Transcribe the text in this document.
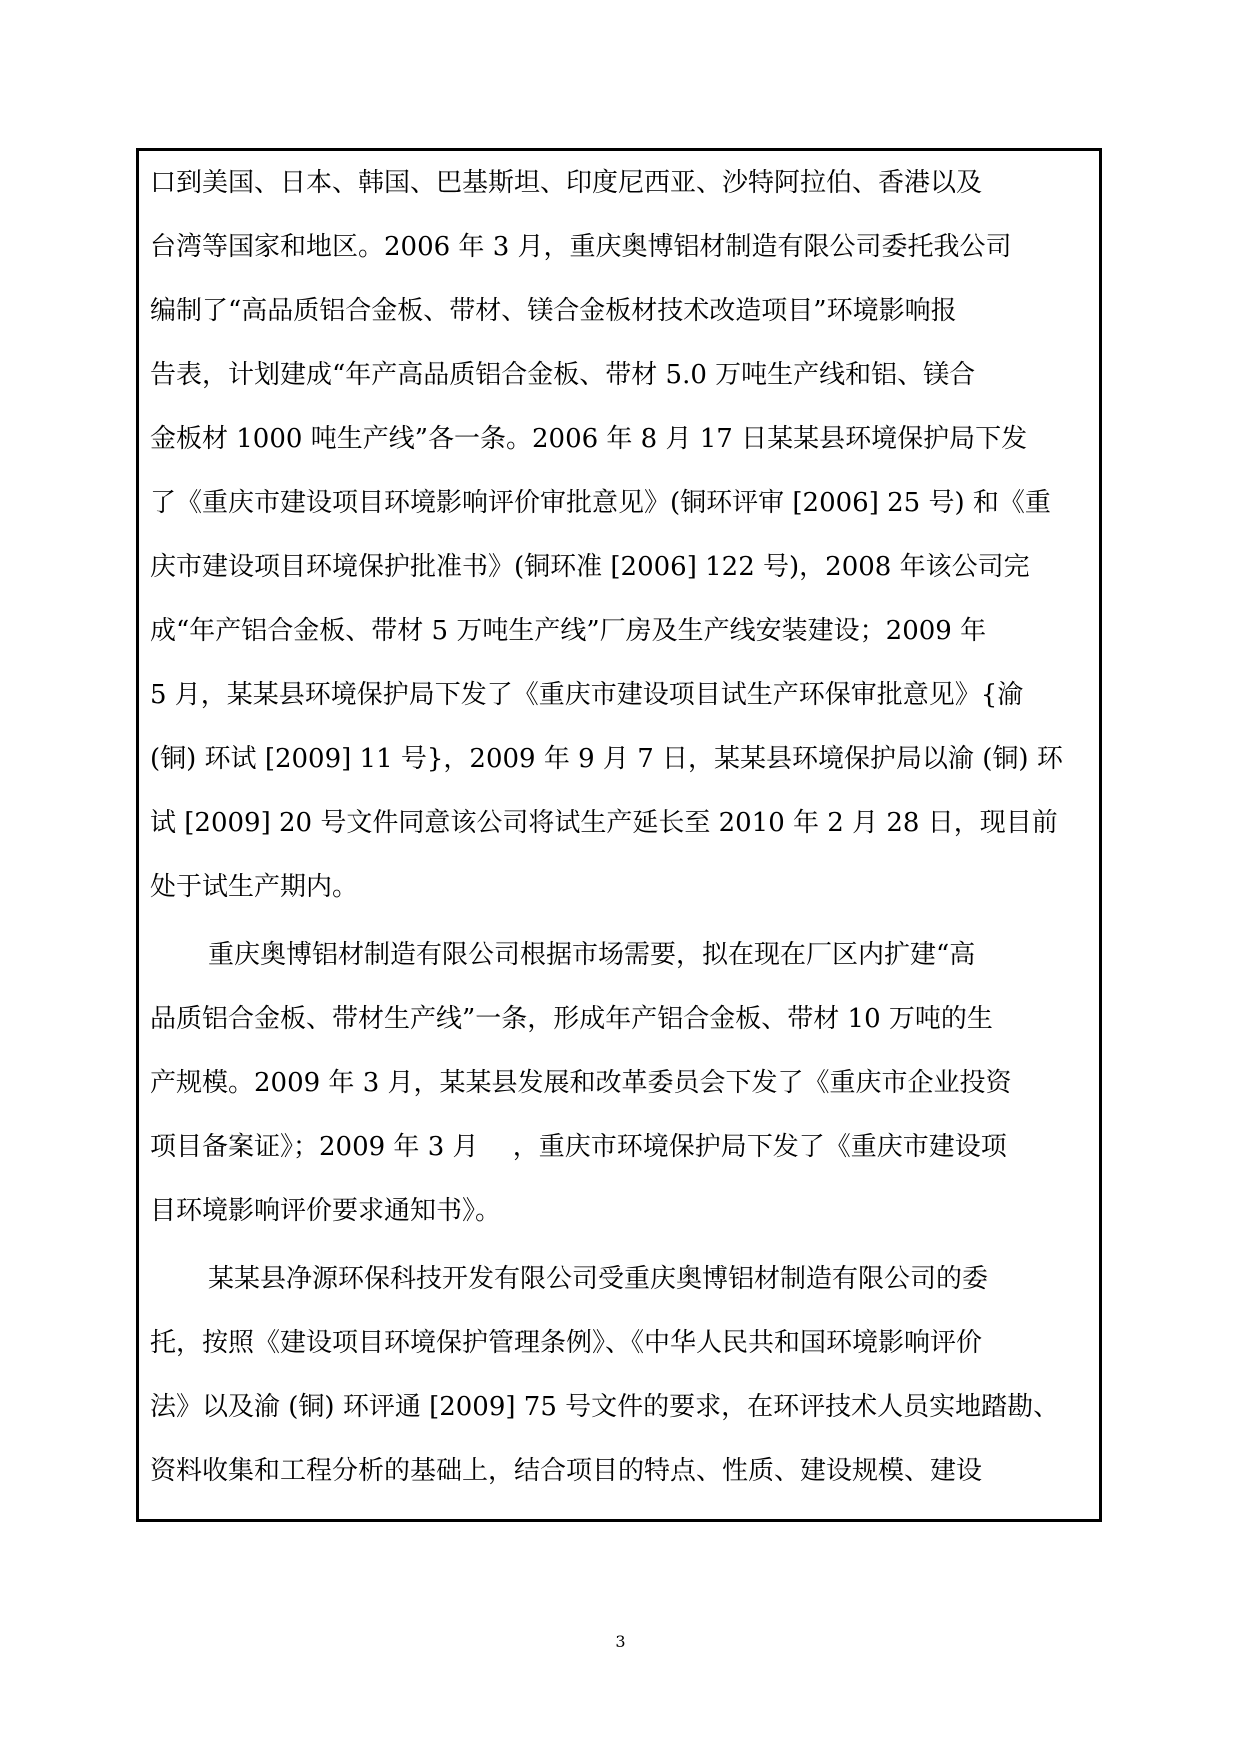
口到美国、日本、韩国、巴基斯坦、印度尼西亚、沙特阿拉伯、香港以及
台湾等国家和地区。2006 年 3 月，重庆奥博铝材制造有限公司委托我公司
编制了“高品质铝合金板、带材、镁合金板材技术改造项目”环境影响报
告表，计划建成“年产高品质铝合金板、带材 5.0 万吨生产线和铝、镁合
金板材 1000 吨生产线”各一条。2006 年 8 月 17 日某某县环境保护局下发
了《重庆市建设项目环境影响评价审批意见》(铜环评审 [2006] 25 号) 和《重
庆市建设项目环境保护批准书》(铜环准 [2006] 122 号)，2008 年该公司完
成“年产铝合金板、带材 5 万吨生产线”厂房及生产线安装建设；2009 年
5 月，某某县环境保护局下发了《重庆市建设项目试生产环保审批意见》{渝
(铜) 环试 [2009] 11 号}，2009 年 9 月 7 日，某某县环境保护局以渝 (铜) 环
试 [2009] 20 号文件同意该公司将试生产延长至 2010 年 2 月 28 日，现目前
处于试生产期内。
重庆奥博铝材制造有限公司根据市场需要，拟在现在厂区内扩建“高
品质铝合金板、带材生产线”一条，形成年产铝合金板、带材 10 万吨的生
产规模。2009 年 3 月，某某县发展和改革委员会下发了《重庆市企业投资
项目备案证》；2009 年 3 月　 ，重庆市环境保护局下发了《重庆市建设项
目环境影响评价要求通知书》。
某某县净源环保科技开发有限公司受重庆奥博铝材制造有限公司的委
托，按照《建设项目环境保护管理条例》、《中华人民共和国环境影响评价
法》以及渝 (铜) 环评通 [2009] 75 号文件的要求，在环评技术人员实地踏勘、
资料收集和工程分析的基础上，结合项目的特点、性质、建设规模、建设
3
